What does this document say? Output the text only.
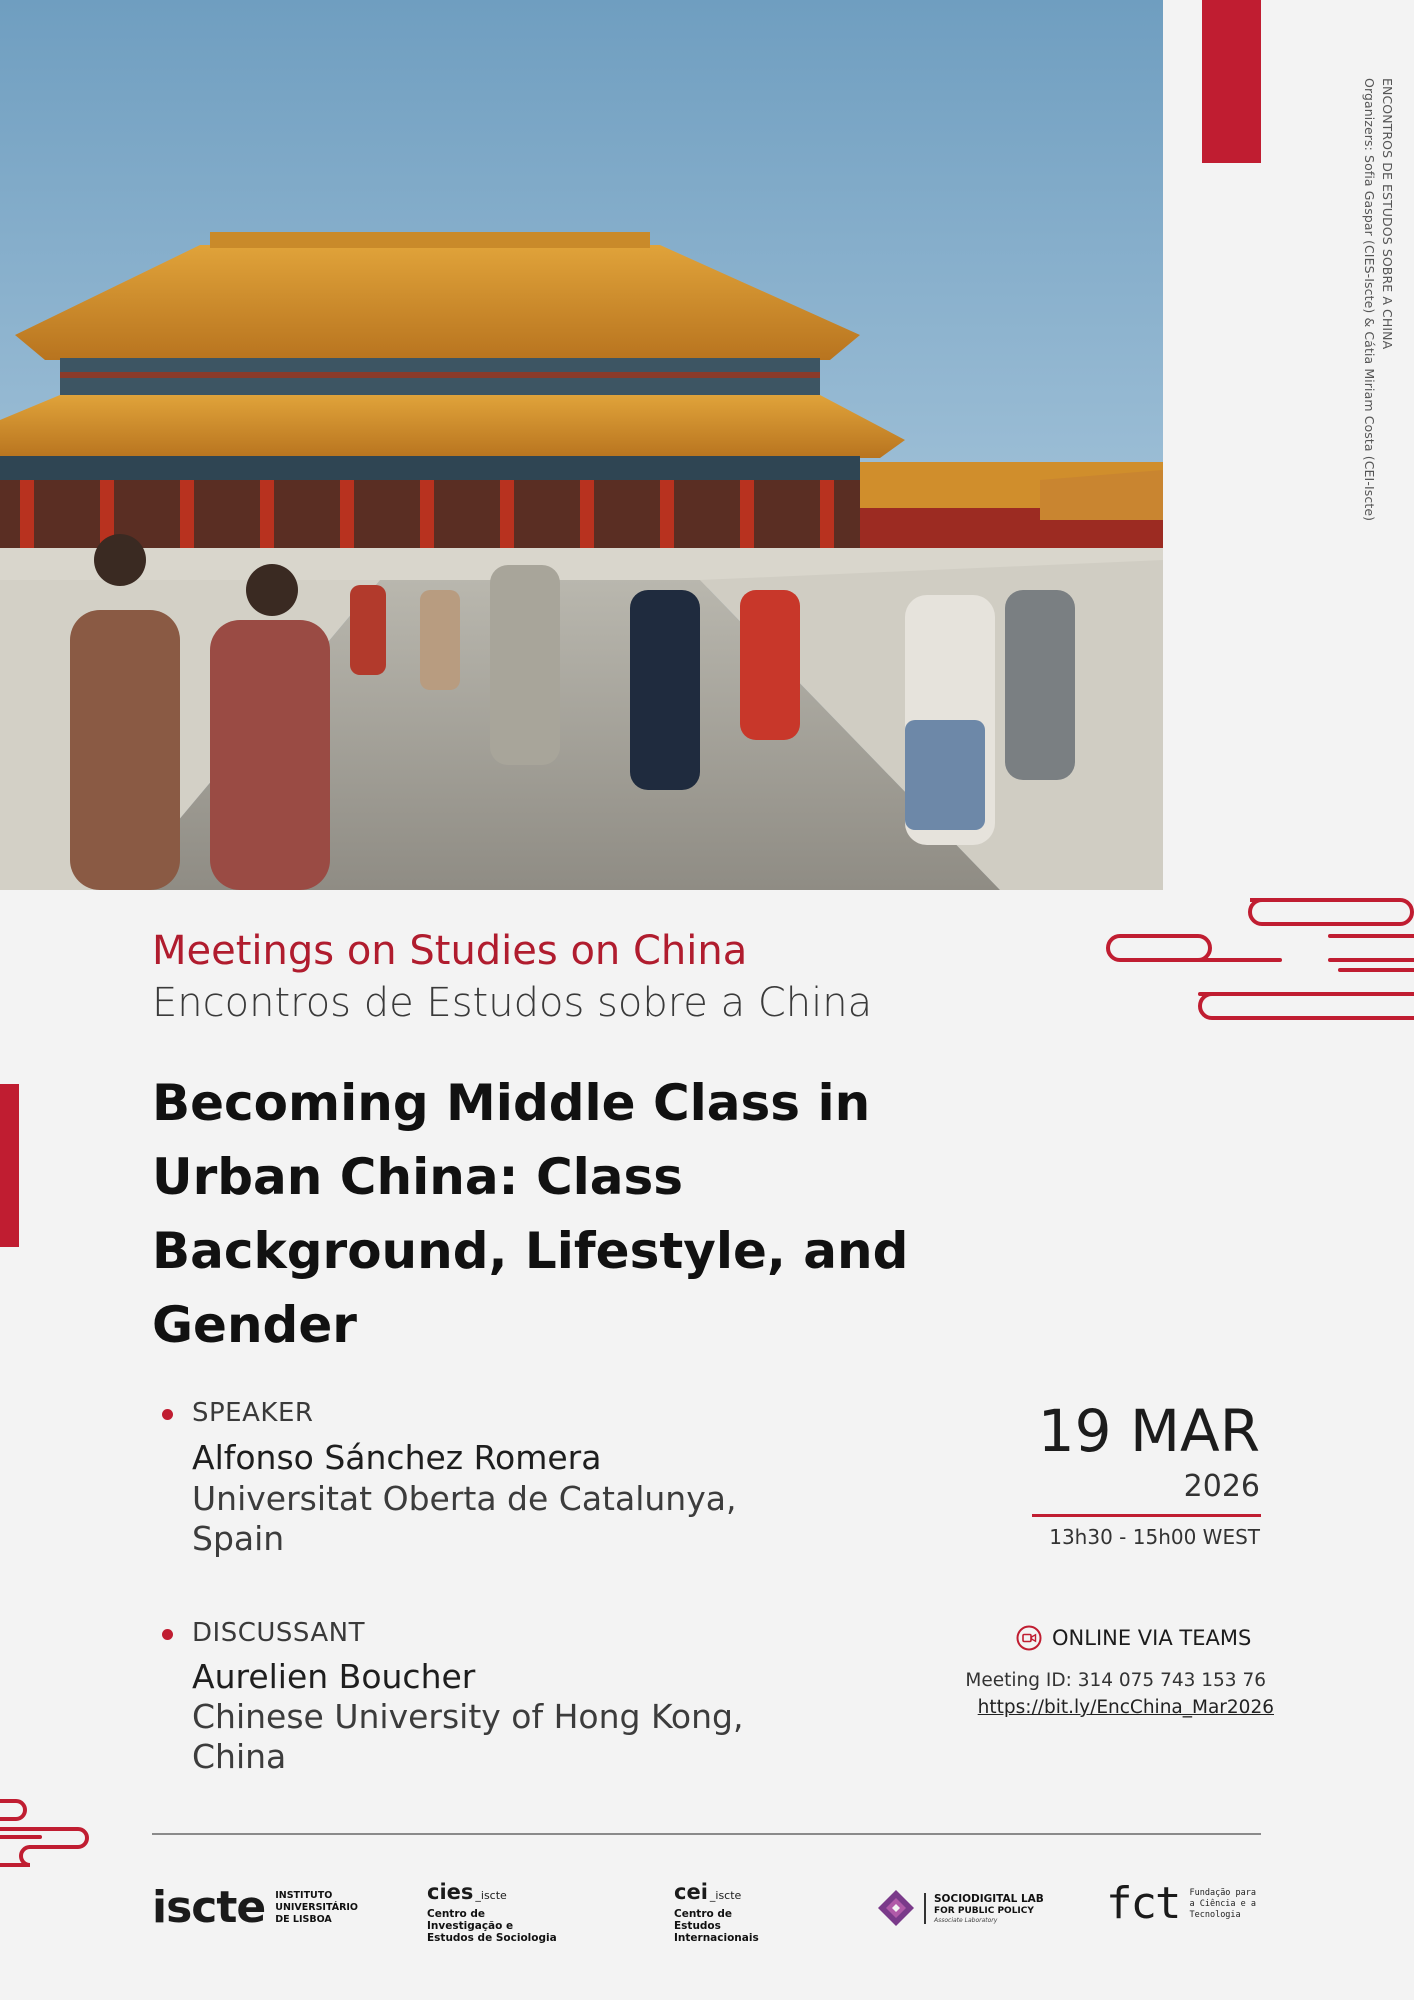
ENCONTROS DE ESTUDOS SOBRE A CHINA
Organizers: Sofia Gaspar (CIES-Iscte) & Cátia Miriam Costa (CEI-Iscte)
Meetings on Studies on China
Encontros de Estudos sobre a China
Becoming Middle Class in Urban China: Class Background, Lifestyle, and Gender
SPEAKER
Alfonso Sánchez Romera
Universitat Oberta de Catalunya, Spain
DISCUSSANT
Aurelien Boucher
Chinese University of Hong Kong, China
19 MAR
2026
13h30 - 15h00 WEST
ONLINE VIA TEAMS
Meeting ID: 314 075 743 153 76
https://bit.ly/EncChina_Mar2026
iscte INSTITUTO UNIVERSITÁRIO DE LISBOA
cies _iscte
Centro de Investigação e Estudos de Sociologia
cei _iscte
Centro de Estudos Internacionais
SOCIODIGITAL LAB
FOR PUBLIC POLICY
Associate Laboratory	fct Fundação para a Ciência e a Tecnologia
